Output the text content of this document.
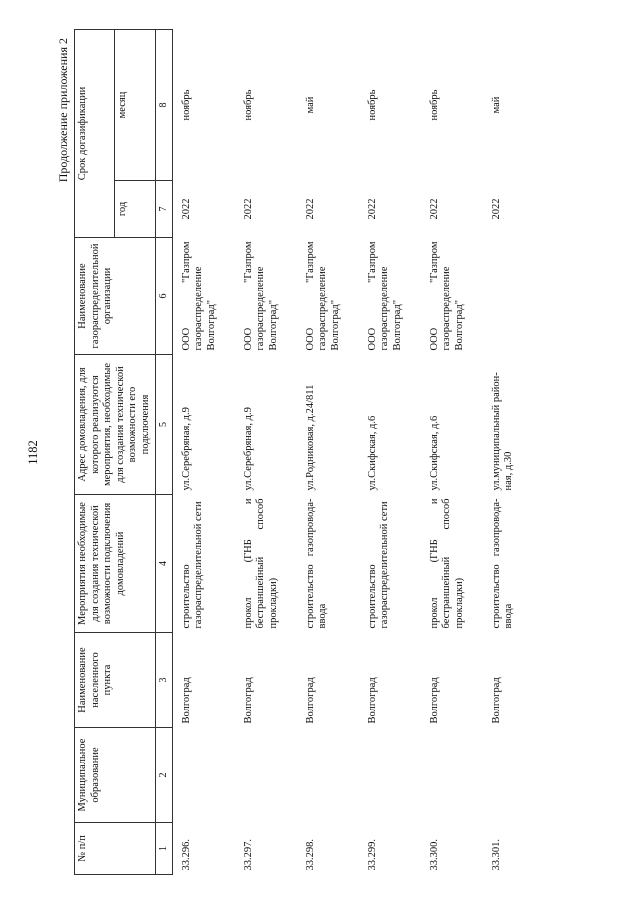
1182
Продолжение приложения 2
№ п/п	Муниципальное образование	Наименование населенного пункта	Мероприятия необходимые для создания технической возможности подключения домовладений	Адрес домовладения, для которого реализуются мероприятия, необходимые для создания технической возможности его подключения	Наименование газораспределительной организации	Срок догазификации	
						год	месяц
1	2	3	4	5	6	7	8
33.296.		Волгоград	строительство газораспределительной сети	ул.Серебряная, д.9	ООО "Газпром газораспределение Волгоград"	2022	ноябрь
33.297.		Волгоград	прокол (ГНБ и бестраншейный способ прокладки)	ул.Серебряная, д.9	ООО "Газпром газораспределение Волгоград"	2022	ноябрь
33.298.		Волгоград	строительство газопровода-ввода	ул.Родниковая, д.24/811	ООО "Газпром газораспределение Волгоград"	2022	май
33.299.		Волгоград	строительство газораспределительной сети	ул.Скифская, д.6	ООО "Газпром газораспределение Волгоград"	2022	ноябрь
33.300.		Волгоград	прокол (ГНБ и бестраншейный способ прокладки)	ул.Скифская, д.6	ООО "Газпром газораспределение Волгоград"	2022	ноябрь
33.301.		Волгоград	строительство газопровода-ввода	ул.муниципальный район-ная, д.30		2022	май
